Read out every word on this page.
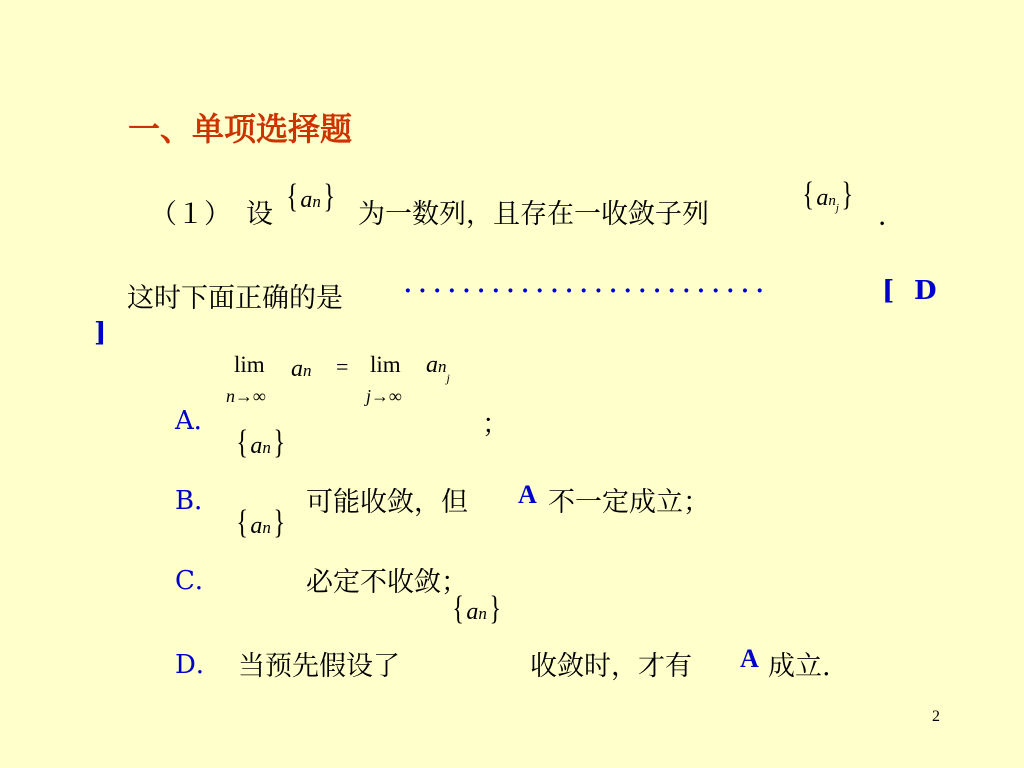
一、单项选择题
（１） 设 { an} 为一数列，且存在一收敛子列
{ $an_j$}
．
这时下面正确的是	·························	[ D
]
lim
n→∞
an = lim
j→∞
$an_j$
A．	；
{ an}
B．	可能收敛，但 A 不一定成立；
{ an}
C．	必定不收敛；
{ an}
D． 当预先假设了	收敛时，才有 A 成立.
2
